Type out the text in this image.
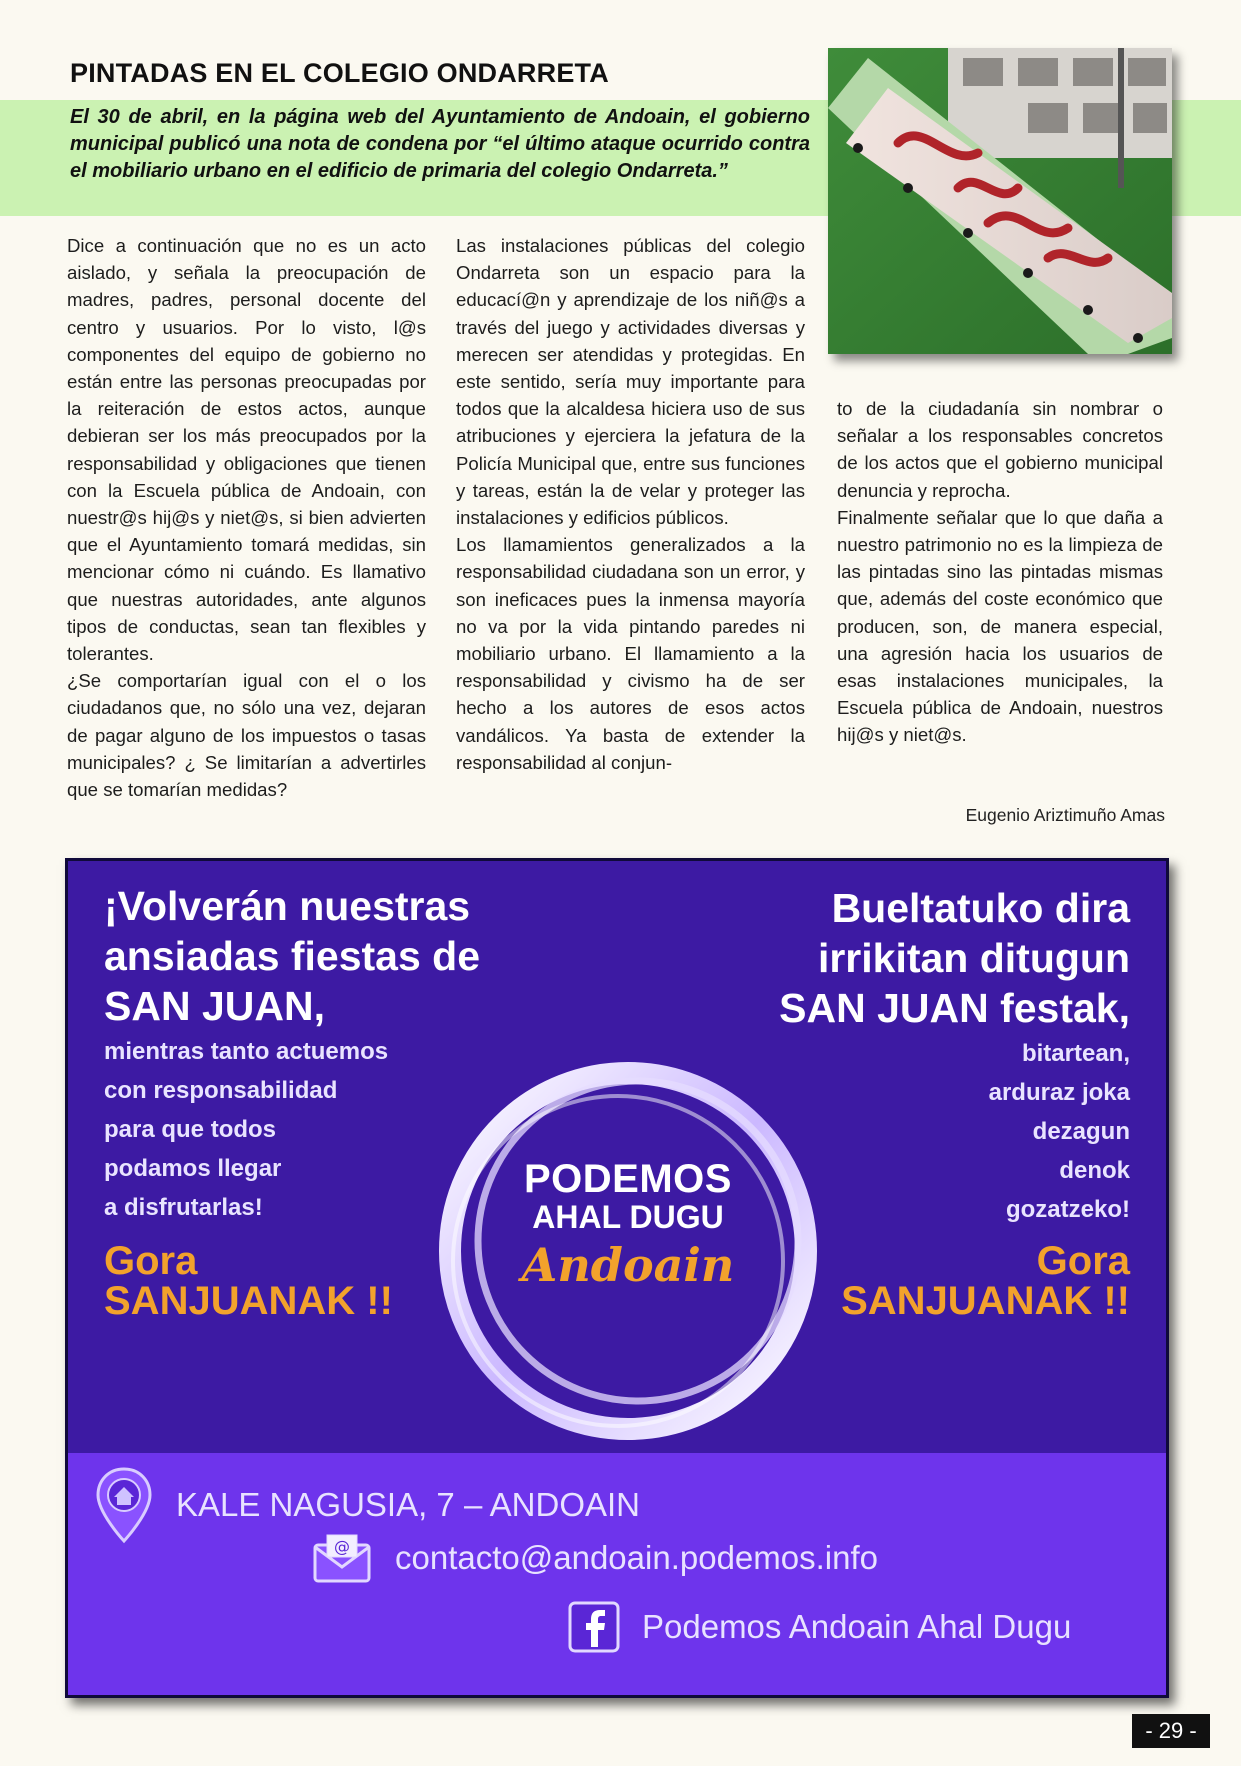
PINTADAS EN EL COLEGIO ONDARRETA

El 30 de abril, en la página web del Ayuntamiento de Andoain, el gobierno municipal publicó una nota de condena por “el último ataque ocurrido contra el mobiliario urbano en el edificio de primaria del colegio Ondarreta.”

Dice a continuación que no es un acto aislado, y señala la preocupación de madres, padres, personal docente del centro y usuarios. Por lo visto, l@s componentes del equipo de gobierno no están entre las personas preocupadas por la reiteración de estos actos, aunque debieran ser los más preocupados por la responsabilidad y obligaciones que tienen con la Escuela pública de Andoain, con nuestr@s hij@s y niet@s, si bien advierten que el Ayuntamiento tomará medidas, sin mencionar cómo ni cuándo. Es llamativo que nuestras autoridades, ante algunos tipos de conductas, sean tan flexibles y tolerantes.

¿Se comportarían igual con el o los ciudadanos que, no sólo una vez, dejaran de pagar alguno de los impuestos o tasas municipales? ¿ Se limitarían a advertirles que se tomarían medidas?

Las instalaciones públicas del colegio Ondarreta son un espacio para la educací@n y aprendizaje de los niñ@s a través del juego y actividades diversas y merecen ser atendidas y protegidas. En este sentido, sería muy importante para todos que la alcaldesa hiciera uso de sus atribuciones y ejerciera la jefatura de la Policía Municipal que, entre sus funciones y tareas, están la de velar y proteger las instalaciones y edificios públicos.

Los llamamientos generalizados a la responsabilidad ciudadana son un error, y son ineficaces pues la inmensa mayoría no va por la vida pintando paredes ni mobiliario urbano. El llamamiento a la responsabilidad y civismo ha de ser hecho a los autores de esos actos vandálicos. Ya basta de extender la responsabilidad al conjun-

to de la ciudadanía sin nombrar o señalar a los responsables concretos de los actos que el gobierno municipal denuncia y reprocha.

Finalmente señalar que lo que daña a nuestro patrimonio no es la limpieza de las pintadas sino las pintadas mismas que, además del coste económico que producen, son, de manera especial, una agresión hacia los usuarios de esas instalaciones municipales, la Escuela pública de Andoain, nuestros hij@s y niet@s.

Eugenio Ariztimuño Amas

¡Volverán nuestras

ansiadas fiestas de

SAN JUAN,

mientras tanto actuemos

con responsabilidad

para que todos

podamos llegar

a disfrutarlas!

Gora

SANJUANAK !!

Bueltatuko dira

irrikitan ditugun

SAN JUAN festak,

bitartean,

arduraz joka

dezagun

denok

gozatzeko!

Gora

SANJUANAK !!

PODEMOS

AHAL DUGU

Andoain

KALE NAGUSIA, 7 – ANDOAIN
@ contacto@andoain.podemos.info
Podemos Andoain Ahal Dugu
- 29 -
